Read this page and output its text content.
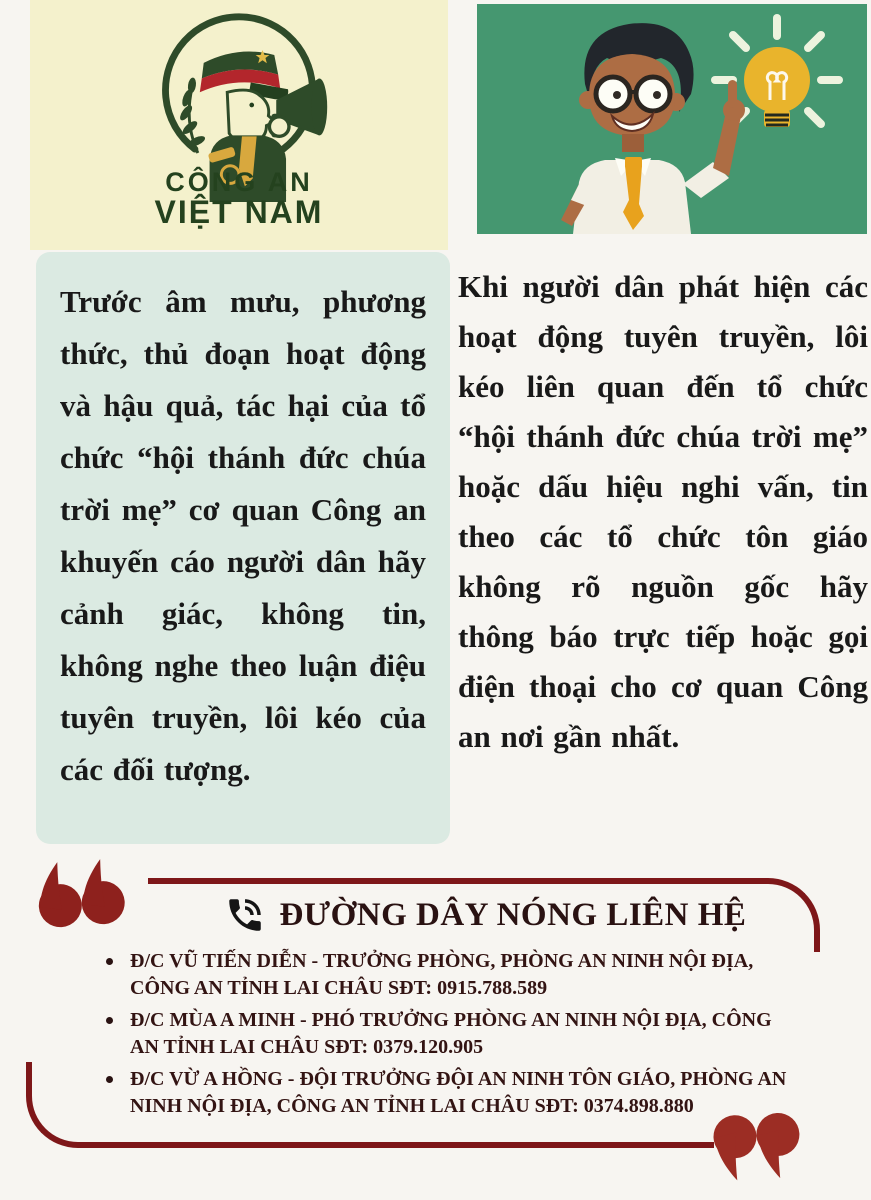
CÔNG AN
VIỆT NAM
Trước âm mưu, phương thức, thủ đoạn hoạt động và hậu quả, tác hại của tổ chức “hội thánh đức chúa trời mẹ” cơ quan Công an khuyến cáo người dân hãy cảnh giác, không tin, không nghe theo luận điệu tuyên truyền, lôi kéo của các đối tượng.
Khi người dân phát hiện các hoạt động tuyên truyền, lôi kéo liên quan đến tổ chức “hội thánh đức chúa trời mẹ” hoặc dấu hiệu nghi vấn, tin theo các tổ chức tôn giáo không rõ nguồn gốc hãy thông báo trực tiếp hoặc gọi điện thoại cho cơ quan Công an nơi gần nhất.
ĐƯỜNG DÂY NÓNG LIÊN HỆ
Đ/C VŨ TIẾN DIỄN - TRƯỞNG PHÒNG, PHÒNG AN NINH NỘI ĐỊA, CÔNG AN TỈNH LAI CHÂU SĐT: 0915.788.589
Đ/C MÙA A MINH - PHÓ TRƯỞNG PHÒNG AN NINH NỘI ĐỊA, CÔNG AN TỈNH LAI CHÂU SĐT: 0379.120.905
Đ/C VỪ A HỒNG - ĐỘI TRƯỞNG ĐỘI AN NINH TÔN GIÁO, PHÒNG AN NINH NỘI ĐỊA, CÔNG AN TỈNH LAI CHÂU SĐT: 0374.898.880
